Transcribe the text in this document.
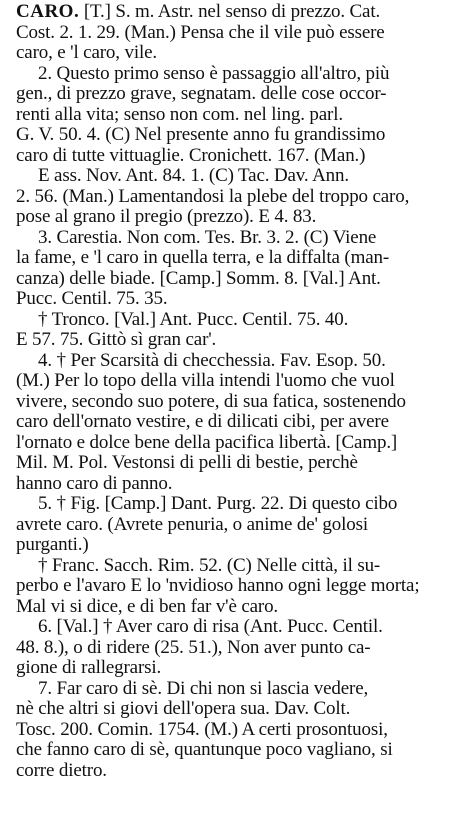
CARO. [T.] S. m. Astr. nel senso di prezzo. Cat.
Cost. 2. 1. 29. (Man.) Pensa che il vile può essere
caro, e 'l caro, vile.
2. Questo primo senso è passaggio all'altro, più
gen., di prezzo grave, segnatam. delle cose occor-
renti alla vita; senso non com. nel ling. parl.
G. V. 50. 4. (C) Nel presente anno fu grandissimo
caro di tutte vittuaglie. Cronichett. 167. (Man.)
E ass. Nov. Ant. 84. 1. (C) Tac. Dav. Ann.
2. 56. (Man.) Lamentandosi la plebe del troppo caro,
pose al grano il pregio (prezzo). E 4. 83.
3. Carestia. Non com. Tes. Br. 3. 2. (C) Viene
la fame, e 'l caro in quella terra, e la diffalta (man-
canza) delle biade. [Camp.] Somm. 8. [Val.] Ant.
Pucc. Centil. 75. 35.
† Tronco. [Val.] Ant. Pucc. Centil. 75. 40.
E 57. 75. Gittò sì gran car'.
4. † Per Scarsità di checchessia. Fav. Esop. 50.
(M.) Per lo topo della villa intendi l'uomo che vuol
vivere, secondo suo potere, di sua fatica, sostenendo
caro dell'ornato vestire, e di dilicati cibi, per avere
l'ornato e dolce bene della pacifica libertà. [Camp.]
Mil. M. Pol. Vestonsi di pelli di bestie, perchè
hanno caro di panno.
5. † Fig. [Camp.] Dant. Purg. 22. Di questo cibo
avrete caro. (Avrete penuria, o anime de' golosi
purganti.)
† Franc. Sacch. Rim. 52. (C) Nelle città, il su-
perbo e l'avaro E lo 'nvidioso hanno ogni legge morta;
Mal vi si dice, e di ben far v'è caro.
6. [Val.] † Aver caro di risa (Ant. Pucc. Centil.
48. 8.), o di ridere (25. 51.), Non aver punto ca-
gione di rallegrarsi.
7. Far caro di sè. Di chi non si lascia vedere,
nè che altri si giovi dell'opera sua. Dav. Colt.
Tosc. 200. Comin. 1754. (M.) A certi prosontuosi,
che fanno caro di sè, quantunque poco vagliano, si
corre dietro.
